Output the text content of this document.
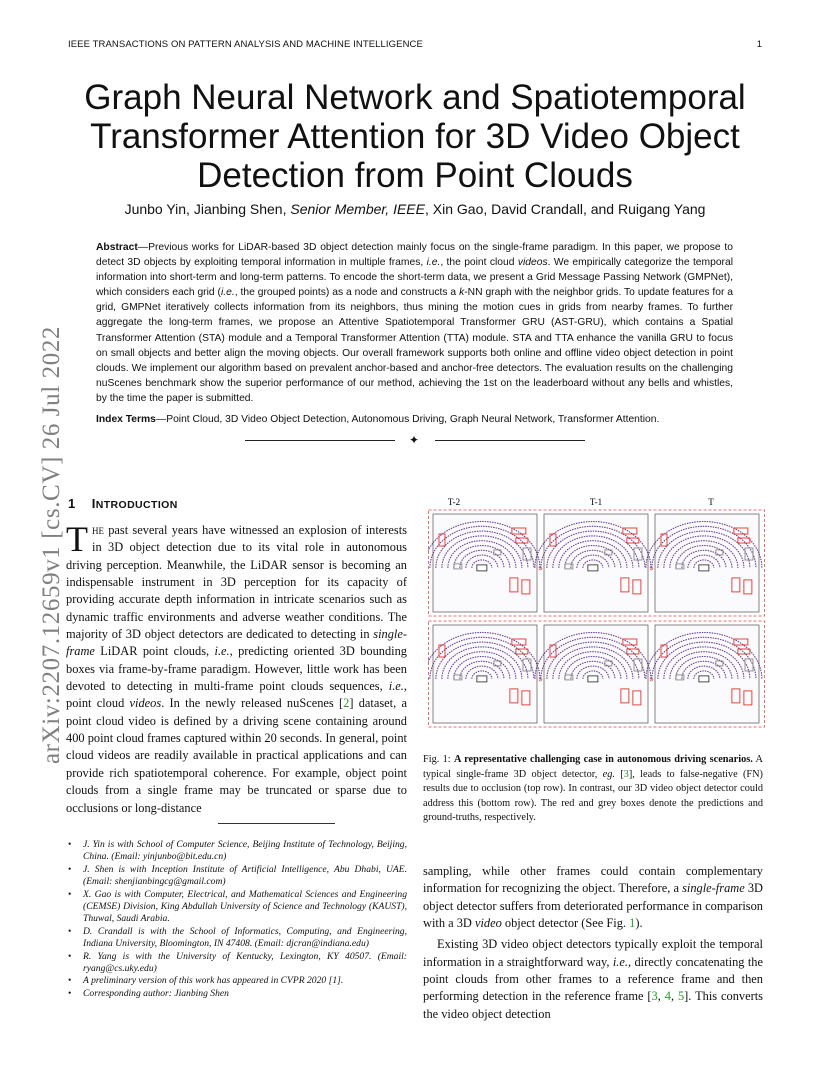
IEEE TRANSACTIONS ON PATTERN ANALYSIS AND MACHINE INTELLIGENCE	1
arXiv:2207.12659v1 [cs.CV] 26 Jul 2022
Graph Neural Network and Spatiotemporal
Transformer Attention for 3D Video Object
Detection from Point Clouds
Junbo Yin, Jianbing Shen, Senior Member, IEEE, Xin Gao, David Crandall, and Ruigang Yang

Abstract—Previous works for LiDAR-based 3D object detection mainly focus on the single-frame paradigm. In this paper, we propose to detect 3D objects by exploiting temporal information in multiple frames, i.e., the point cloud videos. We empirically categorize the temporal information into short-term and long-term patterns. To encode the short-term data, we present a Grid Message Passing Network (GMPNet), which considers each grid (i.e., the grouped points) as a node and constructs a k-NN graph with the neighbor grids. To update features for a grid, GMPNet iteratively collects information from its neighbors, thus mining the motion cues in grids from nearby frames. To further aggregate the long-term frames, we propose an Attentive Spatiotemporal Transformer GRU (AST-GRU), which contains a Spatial Transformer Attention (STA) module and a Temporal Transformer Attention (TTA) module. STA and TTA enhance the vanilla GRU to focus on small objects and better align the moving objects. Our overall framework supports both online and offline video object detection in point clouds. We implement our algorithm based on prevalent anchor-based and anchor-free detectors. The evaluation results on the challenging nuScenes benchmark show the superior performance of our method, achieving the 1st on the leaderboard without any bells and whistles, by the time the paper is submitted.

Index Terms—Point Cloud, 3D Video Object Detection, Autonomous Driving, Graph Neural Network, Transformer Attention.

✦
1 INTRODUCTION

The past several years have witnessed an explosion of interests in 3D object detection due to its vital role in autonomous driving perception. Meanwhile, the LiDAR sensor is becoming an indispensable instrument in 3D perception for its capacity of providing accurate depth information in intricate scenarios such as dynamic traffic environments and adverse weather conditions. The majority of 3D object detectors are dedicated to detecting in single-frame LiDAR point clouds, i.e., predicting oriented 3D bounding boxes via frame-by-frame paradigm. However, little work has been devoted to detecting in multi-frame point clouds sequences, i.e., point cloud videos. In the newly released nuScenes [2] dataset, a point cloud video is defined by a driving scene containing around 400 point cloud frames captured within 20 seconds. In general, point cloud videos are readily available in practical applications and can provide rich spatiotemporal coherence. For example, object point clouds from a single frame may be truncated or sparse due to occlusions or long-distance

• J. Yin is with School of Computer Science, Beijing Institute of Technology, Beijing, China. (Email: yinjunbo@bit.edu.cn)
• J. Shen is with Inception Institute of Artificial Intelligence, Abu Dhabi, UAE. (Email: shenjianbingcg@gmail.com)
• X. Gao is with Computer, Electrical, and Mathematical Sciences and Engineering (CEMSE) Division, King Abdullah University of Science and Technology (KAUST), Thuwal, Saudi Arabia.
• D. Crandall is with the School of Informatics, Computing, and Engineering, Indiana University, Bloomington, IN 47408. (Email: djcran@indiana.edu)
• R. Yang is with the University of Kentucky, Lexington, KY 40507. (Email: ryang@cs.uky.edu)
• A preliminary version of this work has appeared in CVPR 2020 [1].
• Corresponding author: Jianbing Shen
T-2	T-1	T
»	»
»	»

Fig. 1: A representative challenging case in autonomous driving scenarios. A typical single-frame 3D object detector, eg. [3], leads to false-negative (FN) results due to occlusion (top row). In contrast, our 3D video object detector could address this (bottom row). The red and grey boxes denote the predictions and ground-truths, respectively.

sampling, while other frames could contain complementary information for recognizing the object. Therefore, a single-frame 3D object detector suffers from deteriorated performance in comparison with a 3D video object detector (See Fig. 1).

Existing 3D video object detectors typically exploit the temporal information in a straightforward way, i.e., directly concatenating the point clouds from other frames to a reference frame and then performing detection in the reference frame [3, 4, 5]. This converts the video object detection
